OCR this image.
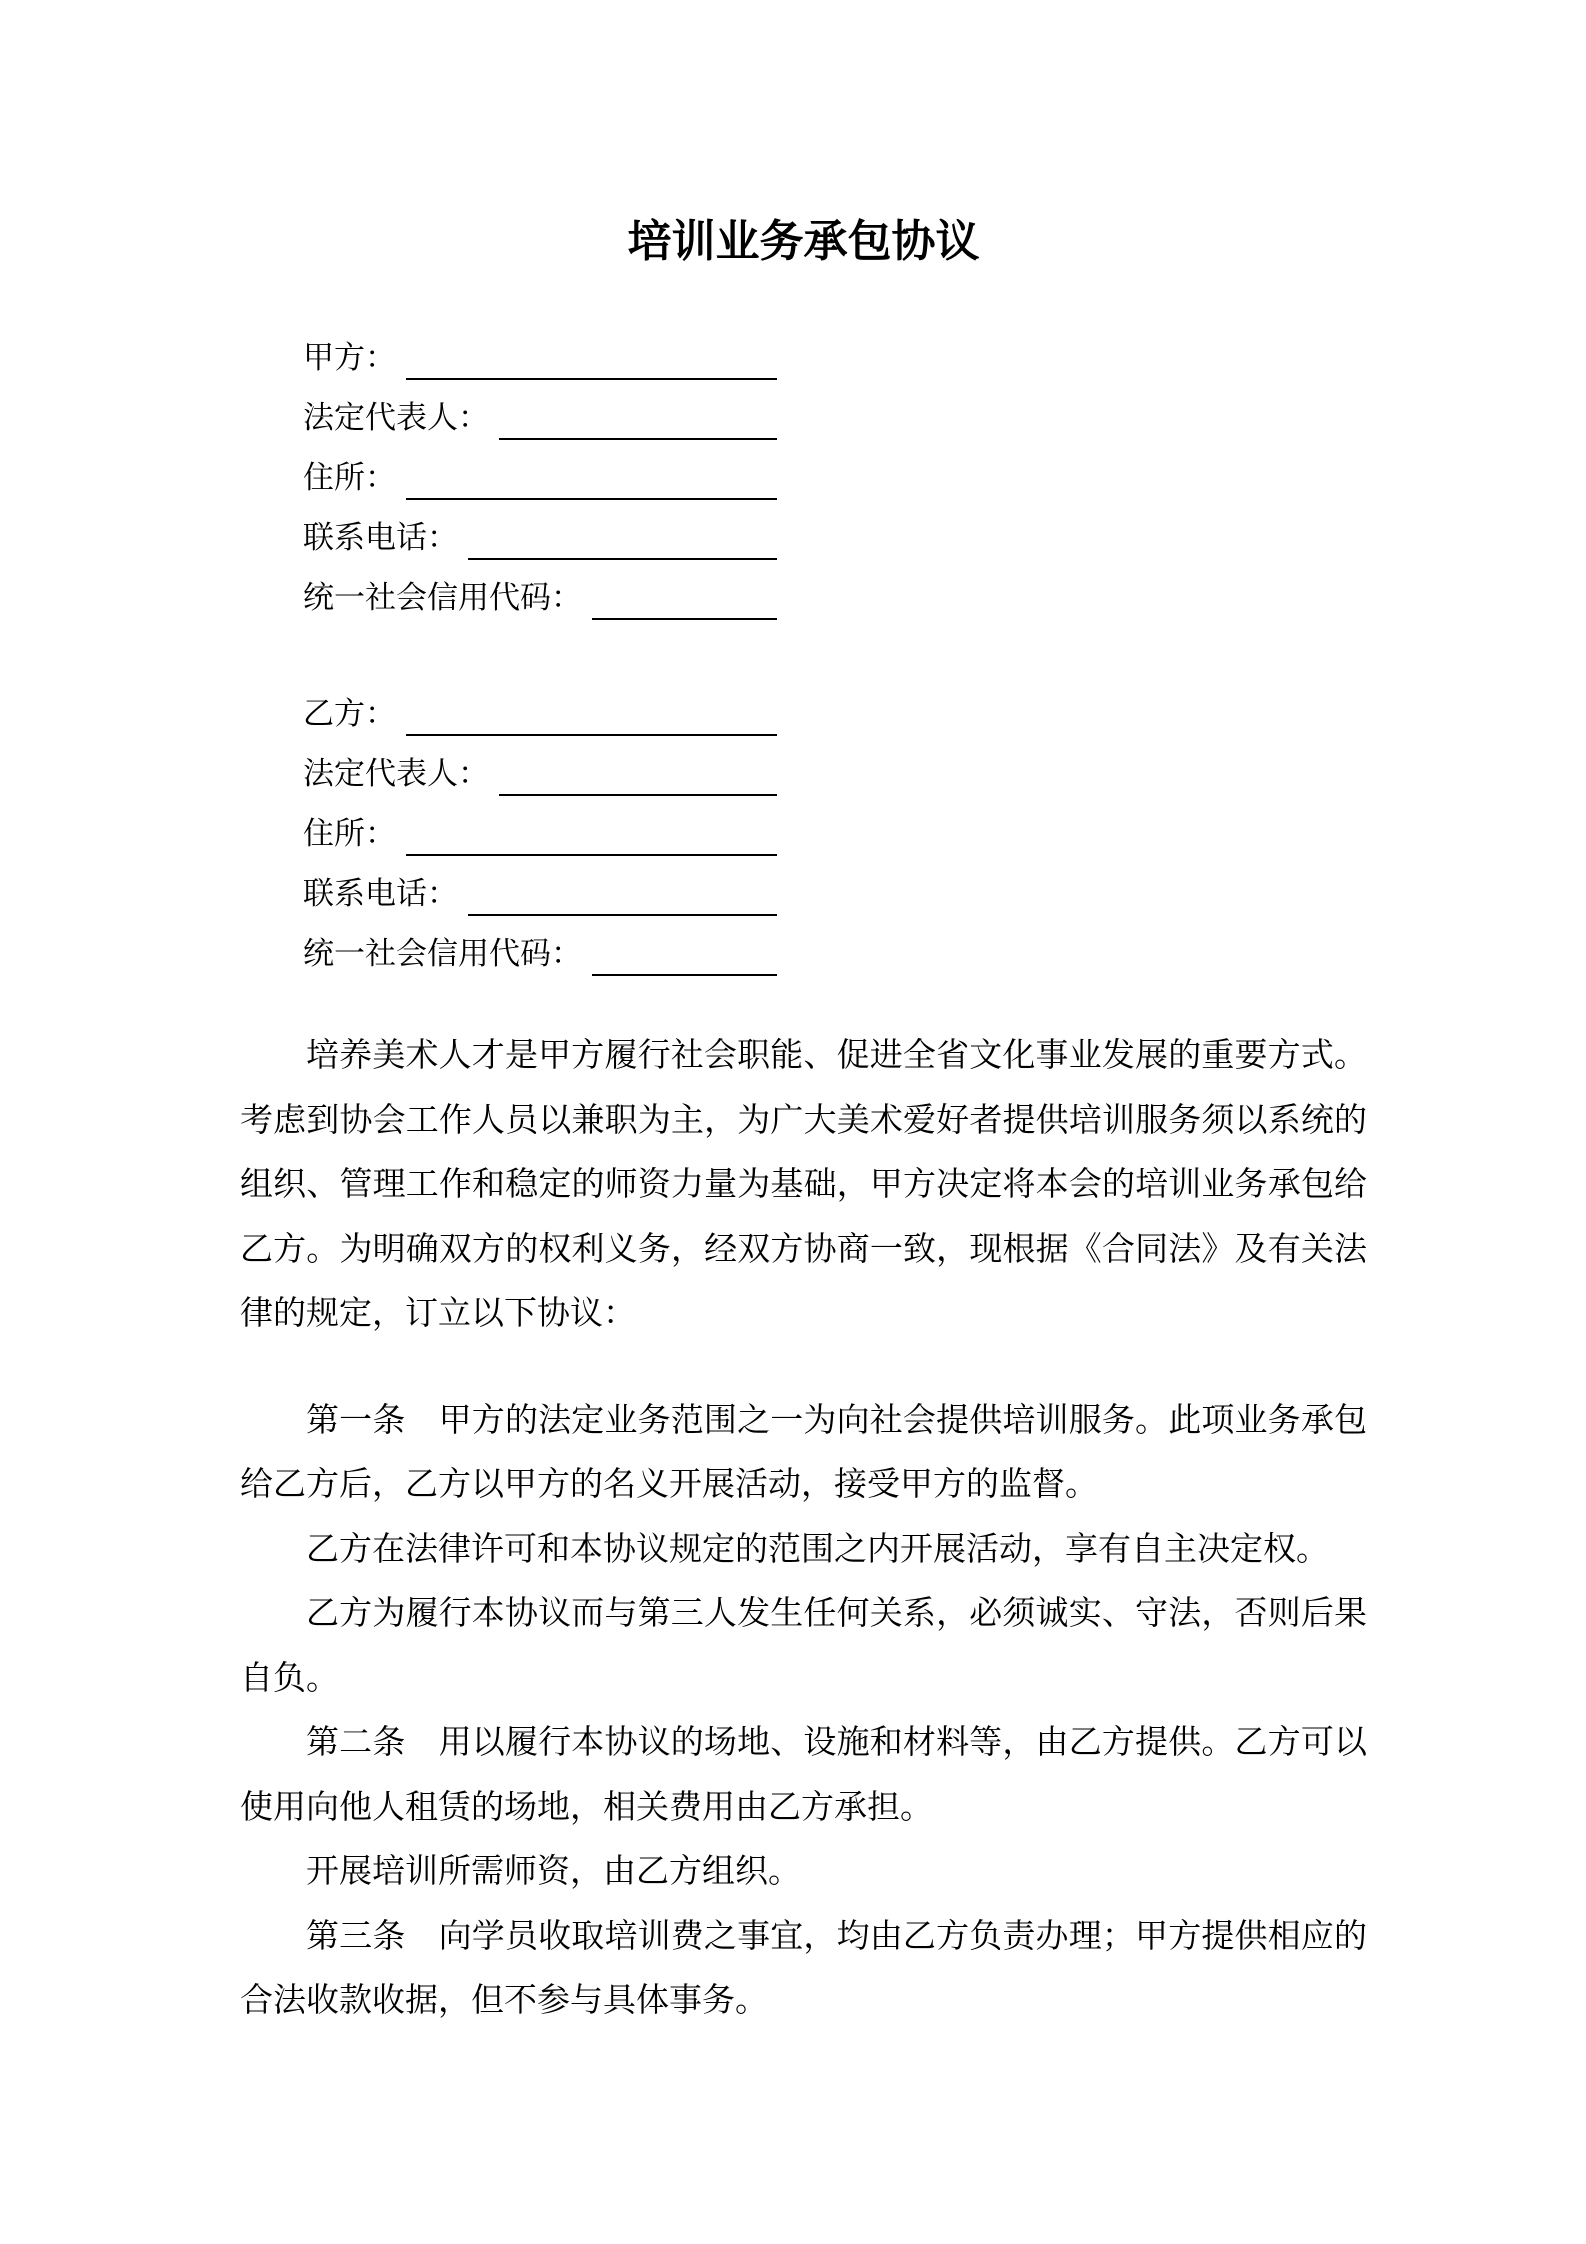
培训业务承包协议
甲方：
法定代表人：
住所：
联系电话：
统一社会信用代码：
乙方：
法定代表人：
住所：
联系电话：
统一社会信用代码：

培养美术人才是甲方履行社会职能、促进全省文化事业发展的重要方式。考虑到协会工作人员以兼职为主，为广大美术爱好者提供培训服务须以系统的组织、管理工作和稳定的师资力量为基础，甲方决定将本会的培训业务承包给乙方。为明确双方的权利义务，经双方协商一致，现根据《合同法》及有关法律的规定，订立以下协议：

第一条　甲方的法定业务范围之一为向社会提供培训服务。此项业务承包给乙方后，乙方以甲方的名义开展活动，接受甲方的监督。

乙方在法律许可和本协议规定的范围之内开展活动，享有自主决定权。

乙方为履行本协议而与第三人发生任何关系，必须诚实、守法，否则后果自负。

第二条　用以履行本协议的场地、设施和材料等，由乙方提供。乙方可以使用向他人租赁的场地，相关费用由乙方承担。

开展培训所需师资，由乙方组织。

第三条　向学员收取培训费之事宜，均由乙方负责办理；甲方提供相应的合法收款收据，但不参与具体事务。
